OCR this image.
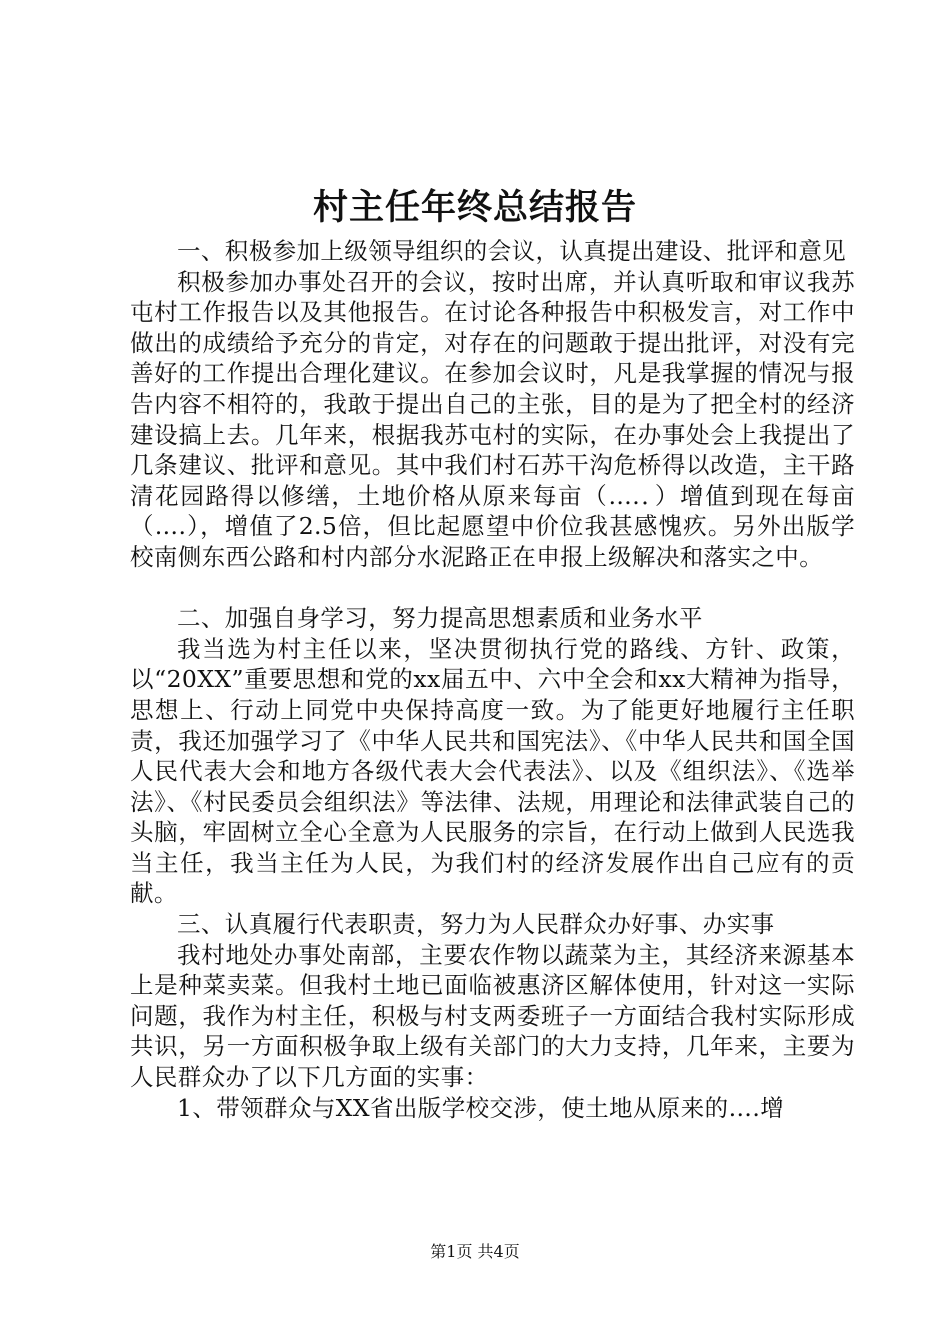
村主任年终总结报告

一、积极参加上级领导组织的会议，认真提出建设、批评和意见

积极参加办事处召开的会议，按时出席，并认真听取和审议我苏屯村工作报告以及其他报告。在讨论各种报告中积极发言，对工作中做出的成绩给予充分的肯定，对存在的问题敢于提出批评，对没有完善好的工作提出合理化建议。在参加会议时，凡是我掌握的情况与报告内容不相符的，我敢于提出自己的主张，目的是为了把全村的经济建设搞上去。几年来，根据我苏屯村的实际，在办事处会上我提出了几条建议、批评和意见。其中我们村石苏干沟危桥得以改造，主干路清花园路得以修缮，土地价格从原来每亩（….．）增值到现在每亩（….），增值了2.5倍，但比起愿望中价位我甚感愧疚。另外出版学校南侧东西公路和村内部分水泥路正在申报上级解决和落实之中。

二、加强自身学习，努力提高思想素质和业务水平

我当选为村主任以来，坚决贯彻执行党的路线、方针、政策，以“20XX”重要思想和党的xx届五中、六中全会和xx大精神为指导，思想上、行动上同党中央保持高度一致。为了能更好地履行主任职责，我还加强学习了《中华人民共和国宪法》、《中华人民共和国全国人民代表大会和地方各级代表大会代表法》、以及《组织法》、《选举法》、《村民委员会组织法》等法律、法规，用理论和法律武装自己的头脑，牢固树立全心全意为人民服务的宗旨，在行动上做到人民选我当主任，我当主任为人民，为我们村的经济发展作出自己应有的贡献。

三、认真履行代表职责，努力为人民群众办好事、办实事

我村地处办事处南部，主要农作物以蔬菜为主，其经济来源基本上是种菜卖菜。但我村土地已面临被惠济区解体使用，针对这一实际问题，我作为村主任，积极与村支两委班子一方面结合我村实际形成共识，另一方面积极争取上级有关部门的大力支持，几年来，主要为人民群众办了以下几方面的实事：

1、带领群众与XX省出版学校交涉，使土地从原来的….增

第1页 共4页
